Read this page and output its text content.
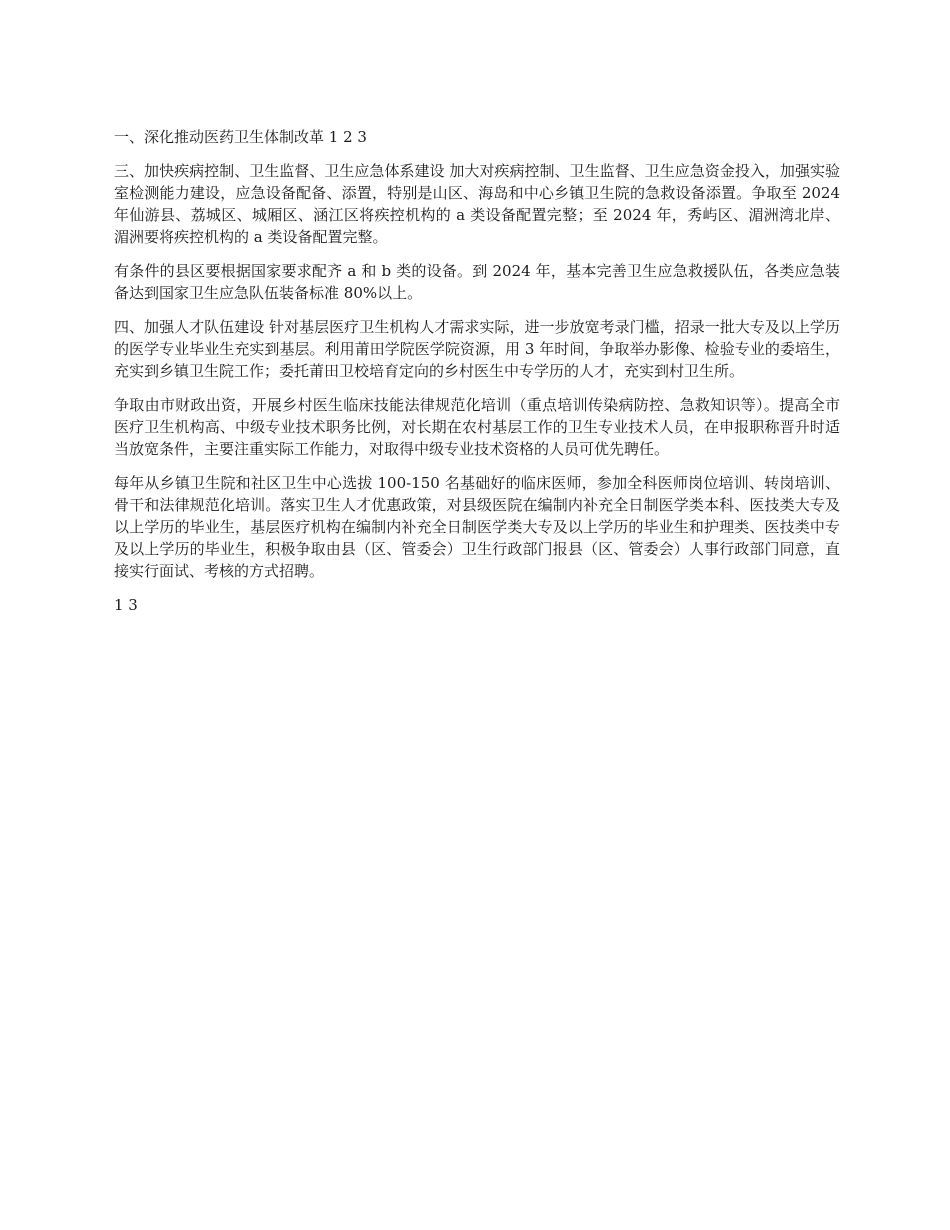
一、深化推动医药卫生体制改革 1 2 3

三、加快疾病控制、卫生监督、卫生应急体系建设 加大对疾病控制、卫生监督、卫生应急资金投入，加强实验室检测能力建设，应急设备配备、添置，特别是山区、海岛和中心乡镇卫生院的急救设备添置。争取至 2024 年仙游县、荔城区、城厢区、涵江区将疾控机构的 a 类设备配置完整；至 2024 年，秀屿区、湄洲湾北岸、湄洲要将疾控机构的 a 类设备配置完整。

有条件的县区要根据国家要求配齐 a 和 b 类的设备。到 2024 年，基本完善卫生应急救援队伍，各类应急装备达到国家卫生应急队伍装备标准 80%以上。

四、加强人才队伍建设 针对基层医疗卫生机构人才需求实际，进一步放宽考录门槛，招录一批大专及以上学历的医学专业毕业生充实到基层。利用莆田学院医学院资源，用 3 年时间，争取举办影像、检验专业的委培生，充实到乡镇卫生院工作；委托莆田卫校培育定向的乡村医生中专学历的人才，充实到村卫生所。

争取由市财政出资，开展乡村医生临床技能法律规范化培训（重点培训传染病防控、急救知识等）。提高全市医疗卫生机构高、中级专业技术职务比例，对长期在农村基层工作的卫生专业技术人员，在申报职称晋升时适当放宽条件，主要注重实际工作能力，对取得中级专业技术资格的人员可优先聘任。

每年从乡镇卫生院和社区卫生中心选拔 100-150 名基础好的临床医师，参加全科医师岗位培训、转岗培训、骨干和法律规范化培训。落实卫生人才优惠政策，对县级医院在编制内补充全日制医学类本科、医技类大专及以上学历的毕业生，基层医疗机构在编制内补充全日制医学类大专及以上学历的毕业生和护理类、医技类中专及以上学历的毕业生，积极争取由县（区、管委会）卫生行政部门报县（区、管委会）人事行政部门同意，直接实行面试、考核的方式招聘。

1 3
